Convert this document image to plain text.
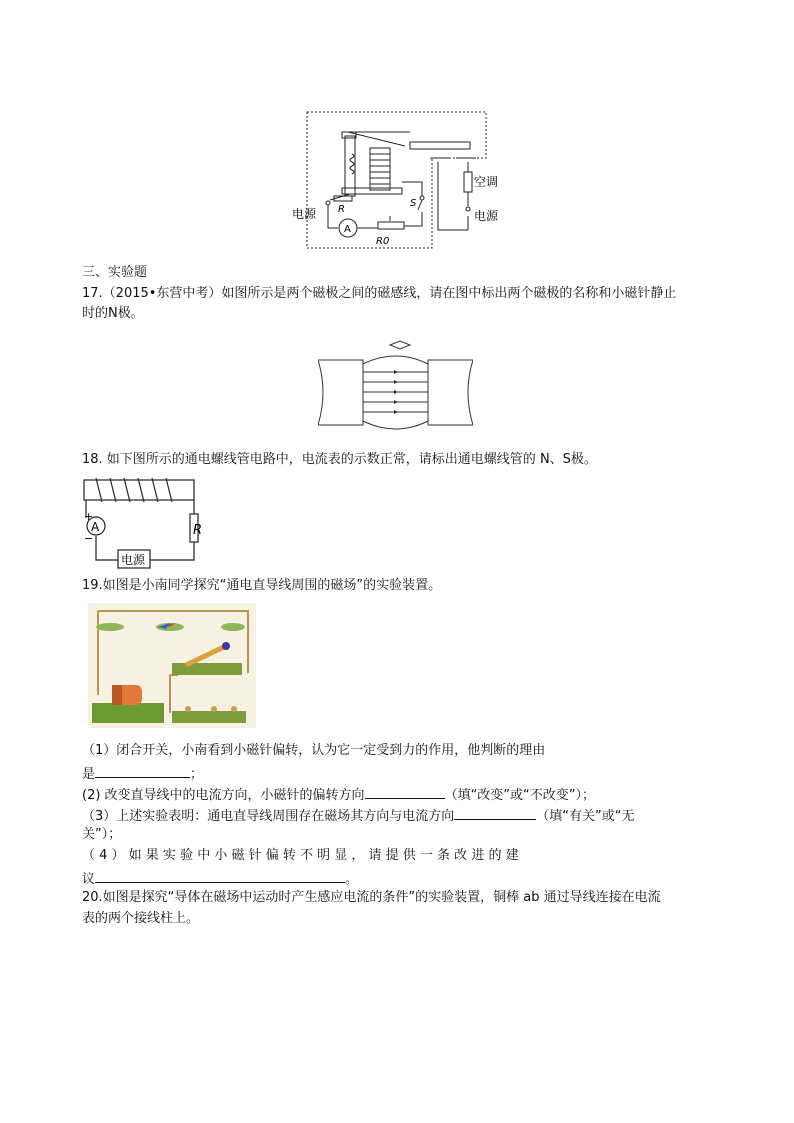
空调
电源
电源 R
S
A
R0
三、实验题
17.（2015•东营中考）如图所示是两个磁极之间的磁感线，请在图中标出两个磁极的名称和小磁针静止
时的N极。
18. 如下图所示的通电螺线管电路中，电流表的示数正常，请标出通电螺线管的 N、S极。
A	R
电源
+
−
19.如图是小南同学探究“通电直导线周围的磁场”的实验装置。
（1）闭合开关，小南看到小磁针偏转，认为它一定受到力的作用，他判断的理由
是	；
(2) 改变直导线中的电流方向，小磁针的偏转方向	（填“改变”或“不改变”）；
（3）上述实验表明：通电直导线周围存在磁场其方向与电流方向	（填“有关”或“无
关”）；
（ 4 ） 如 果 实 验 中 小 磁 针 偏 转 不 明 显 ， 请 提 供 一 条 改 进 的 建
议	。
20.如图是探究“导体在磁场中运动时产生感应电流的条件”的实验装置，铜棒 ab 通过导线连接在电流
表的两个接线柱上。
